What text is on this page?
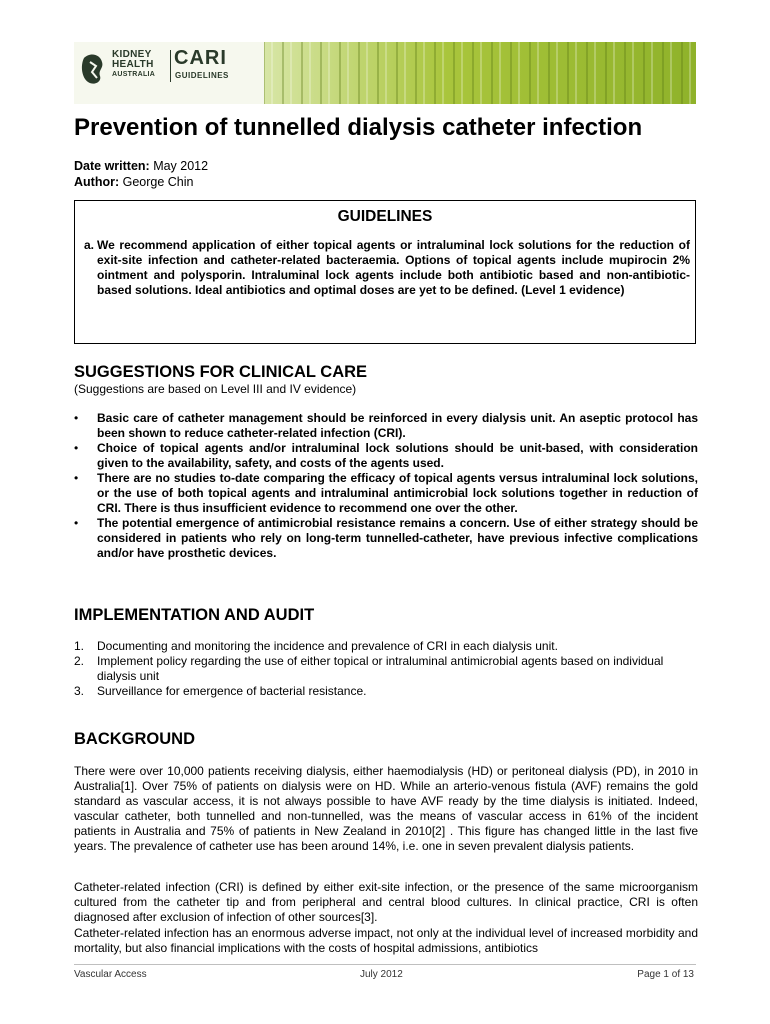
KIDNEY
HEALTH
AUSTRALIA
CARI
GUIDELINES
Prevention of tunnelled dialysis catheter infection
Date written: May 2012
Author: George Chin
GUIDELINES
a. We recommend application of either topical agents or intraluminal lock solutions for the reduction of exit-site infection and catheter-related bacteraemia. Options of topical agents include mupirocin 2% ointment and polysporin. Intraluminal lock agents include both antibiotic based and non-antibiotic-based solutions. Ideal antibiotics and optimal doses are yet to be defined. (Level 1 evidence)
SUGGESTIONS FOR CLINICAL CARE
(Suggestions are based on Level III and IV evidence)
• Basic care of catheter management should be reinforced in every dialysis unit. An aseptic protocol has been shown to reduce catheter-related infection (CRI).
• Choice of topical agents and/or intraluminal lock solutions should be unit-based, with consideration given to the availability, safety, and costs of the agents used.
• There are no studies to-date comparing the efficacy of topical agents versus intraluminal lock solutions, or the use of both topical agents and intraluminal antimicrobial lock solutions together in reduction of CRI. There is thus insufficient evidence to recommend one over the other.
• The potential emergence of antimicrobial resistance remains a concern. Use of either strategy should be considered in patients who rely on long-term tunnelled-catheter, have previous infective complications and/or have prosthetic devices.
IMPLEMENTATION AND AUDIT
1. Documenting and monitoring the incidence and prevalence of CRI in each dialysis unit.
2. Implement policy regarding the use of either topical or intraluminal antimicrobial agents based on individual dialysis unit
3. Surveillance for emergence of bacterial resistance.
BACKGROUND
There were over 10,000 patients receiving dialysis, either haemodialysis (HD) or peritoneal dialysis (PD), in 2010 in Australia[1]. Over 75% of patients on dialysis were on HD. While an arterio-venous fistula (AVF) remains the gold standard as vascular access, it is not always possible to have AVF ready by the time dialysis is initiated. Indeed, vascular catheter, both tunnelled and non-tunnelled, was the means of vascular access in 61% of the incident patients in Australia and 75% of patients in New Zealand in 2010[2] . This figure has changed little in the last five years. The prevalence of catheter use has been around 14%, i.e. one in seven prevalent dialysis patients.
Catheter-related infection (CRI) is defined by either exit-site infection, or the presence of the same microorganism cultured from the catheter tip and from peripheral and central blood cultures. In clinical practice, CRI is often diagnosed after exclusion of infection of other sources[3].
Catheter-related infection has an enormous adverse impact, not only at the individual level of increased morbidity and mortality, but also financial implications with the costs of hospital admissions, antibiotics
Vascular Access	July 2012	Page 1 of 13
